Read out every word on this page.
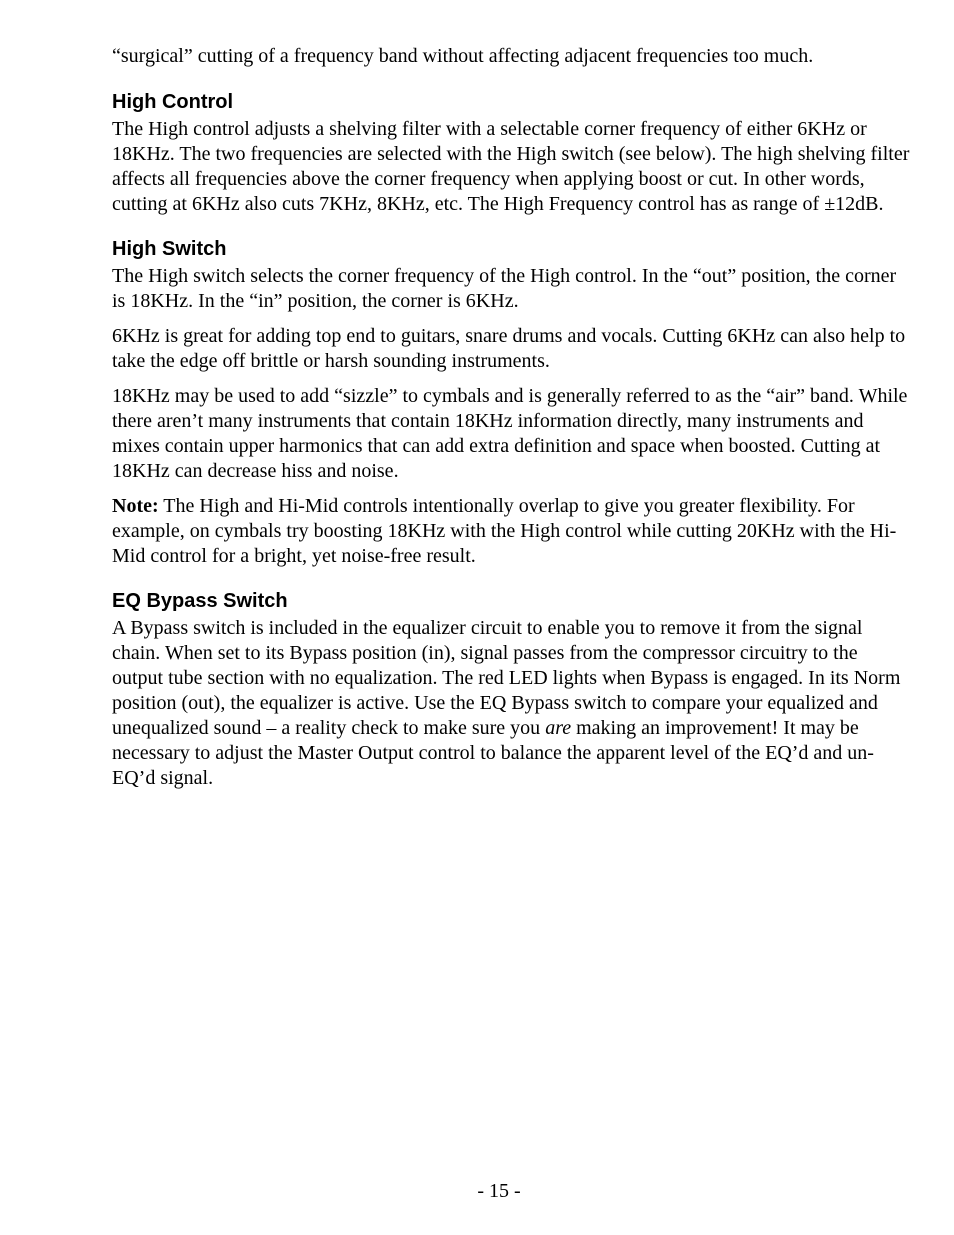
“surgical” cutting of a frequency band without affecting adjacent frequencies too much.

High Control

The High control adjusts a shelving filter with a selectable corner frequency of either 6KHz or 18KHz. The two frequencies are selected with the High switch (see below). The high shelving filter affects all frequencies above the corner frequency when applying boost or cut. In other words, cutting at 6KHz also cuts 7KHz, 8KHz, etc. The High Frequency control has as range of ±12dB.

High Switch

The High switch selects the corner frequency of the High control. In the “out” position, the corner is 18KHz. In the “in” position, the corner is 6KHz.

6KHz is great for adding top end to guitars, snare drums and vocals. Cutting 6KHz can also help to take the edge off brittle or harsh sounding instruments.

18KHz may be used to add “sizzle” to cymbals and is generally referred to as the “air” band. While there aren’t many instruments that contain 18KHz information directly, many instruments and mixes contain upper harmonics that can add extra definition and space when boosted. Cutting at 18KHz can decrease hiss and noise.

Note: The High and Hi-Mid controls intentionally overlap to give you greater flexibility. For example, on cymbals try boosting 18KHz with the High control while cutting 20KHz with the Hi-Mid control for a bright, yet noise-free result.

EQ Bypass Switch

A Bypass switch is included in the equalizer circuit to enable you to remove it from the signal chain. When set to its Bypass position (in), signal passes from the compressor circuitry to the output tube section with no equalization. The red LED lights when Bypass is engaged. In its Norm position (out), the equalizer is active. Use the EQ Bypass switch to compare your equalized and unequalized sound – a reality check to make sure you are making an improvement! It may be necessary to adjust the Master Output control to balance the apparent level of the EQ’d and un-EQ’d signal.

- 15 -
